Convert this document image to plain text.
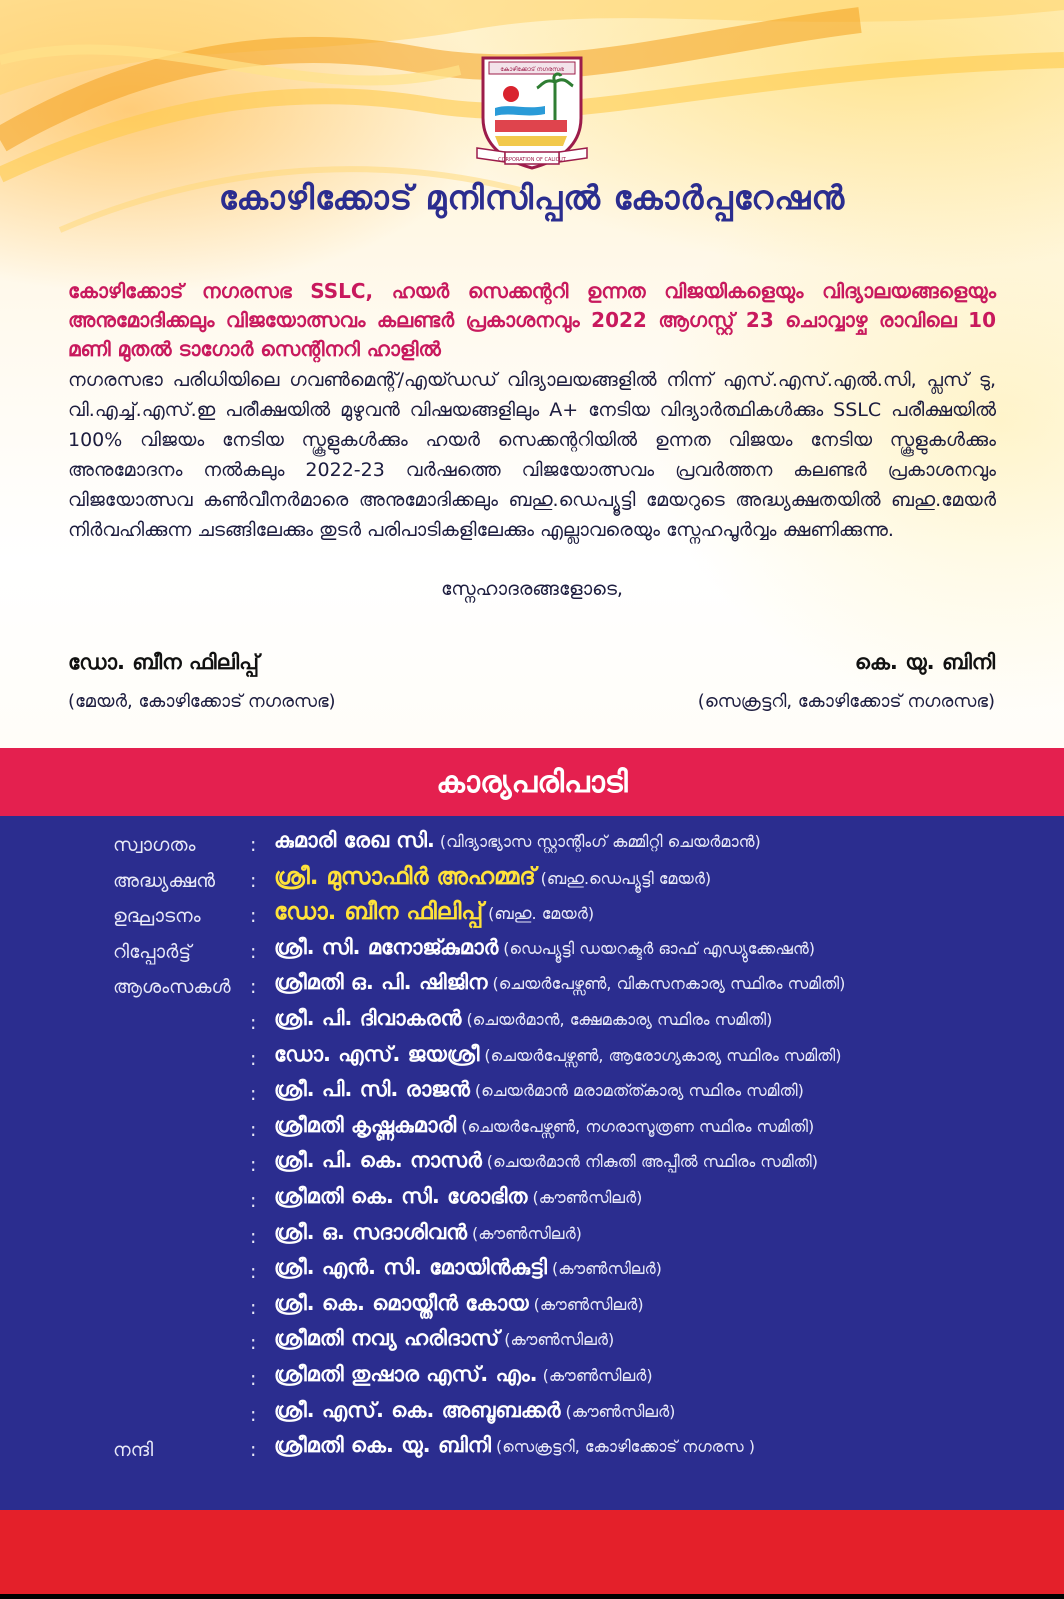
കോഴിക്കോട് നഗരസഭ
CORPORATION OF CALICUT
കോഴിക്കോട് മുനിസിപ്പൽ കോർപ്പറേഷൻ
കോഴിക്കോട് നഗരസഭ SSLC, ഹയർ സെക്കന്ററി ഉന്നത വിജയികളെയും വിദ്യാലയങ്ങളെയും അനുമോദിക്കലും വിജയോത്സവം കലണ്ടർ പ്രകാശനവും 2022 ആഗസ്റ്റ് 23 ചൊവ്വാഴ്ച രാവിലെ 10 മണി മുതൽ ടാഗോർ സെന്റിനറി ഹാളിൽ
നഗരസഭാ പരിധിയിലെ ഗവൺമെന്റ്/എയ്ഡഡ് വിദ്യാലയങ്ങളിൽ നിന്ന് എസ്.എസ്.എൽ.സി, പ്ലസ് ടു, വി.എച്ച്.എസ്.ഇ പരീക്ഷയിൽ മുഴുവൻ വിഷയങ്ങളിലും A+ നേടിയ വിദ്യാർത്ഥികൾക്കും SSLC പരീക്ഷയിൽ 100% വിജയം നേടിയ സ്കൂളുകൾക്കും ഹയർ സെക്കന്ററിയിൽ ഉന്നത വിജയം നേടിയ സ്കൂളുകൾക്കും അനുമോദനം നൽകലും 2022-23 വർഷത്തെ വിജയോത്സവം പ്രവർത്തന കലണ്ടർ പ്രകാശനവും വിജയോത്സവ കൺവീനർമാരെ അനുമോദിക്കലും ബഹു.ഡെപ്യൂട്ടി മേയറുടെ അദ്ധ്യക്ഷതയിൽ ബഹു.മേയർ നിർവഹിക്കുന്ന ചടങ്ങിലേക്കും തുടർ പരിപാടികളിലേക്കും എല്ലാവരെയും സ്നേഹപൂർവ്വം ക്ഷണിക്കുന്നു.
സ്നേഹാദരങ്ങളോടെ,
ഡോ. ബീന ഫിലിപ്പ്
(മേയർ, കോഴിക്കോട് നഗരസഭ)
കെ. യു. ബിനി
(സെക്രട്ടറി, കോഴിക്കോട് നഗരസഭ)
കാര്യപരിപാടി
സ്വാഗതം	: കുമാരി രേഖ സി. (വിദ്യാഭ്യാസ സ്റ്റാന്റിംഗ് കമ്മിറ്റി ചെയർമാൻ)
അദ്ധ്യക്ഷൻ : ശ്രീ. മുസാഫിർ അഹമ്മദ് (ബഹു.ഡെപ്യൂട്ടി മേയർ)
ഉദ്ഘാടനം	: ഡോ. ബീന ഫിലിപ്പ് (ബഹു. മേയർ)
റിപ്പോർട്ട്	: ശ്രീ. സി. മനോജ്കുമാർ (ഡെപ്യൂട്ടി ഡയറക്ടർ ഓഫ് എഡ്യുക്കേഷൻ)
ആശംസകൾ : ശ്രീമതി ഒ. പി. ഷിജിന (ചെയർപേഴ്സൺ, വികസനകാര്യ സ്ഥിരം സമിതി)
: ശ്രീ. പി. ദിവാകരൻ (ചെയർമാൻ, ക്ഷേമകാര്യ സ്ഥിരം സമിതി)
: ഡോ. എസ്. ജയശ്രീ (ചെയർപേഴ്സൺ, ആരോഗ്യകാര്യ സ്ഥിരം സമിതി)
: ശ്രീ. പി. സി. രാജൻ (ചെയർമാൻ മരാമത്ത്കാര്യ സ്ഥിരം സമിതി)
: ശ്രീമതി കൃഷ്ണകുമാരി (ചെയർപേഴ്സൺ, നഗരാസൂത്രണ സ്ഥിരം സമിതി)
: ശ്രീ. പി. കെ. നാസർ (ചെയർമാൻ നികുതി അപ്പീൽ സ്ഥിരം സമിതി)
: ശ്രീമതി കെ. സി. ശോഭിത (കൗൺസിലർ)
: ശ്രീ. ഒ. സദാശിവൻ (കൗൺസിലർ)
: ശ്രീ. എൻ. സി. മോയിൻകുട്ടി (കൗൺസിലർ)
: ശ്രീ. കെ. മൊയ്തീൻ കോയ (കൗൺസിലർ)
: ശ്രീമതി നവ്യ ഹരിദാസ് (കൗൺസിലർ)
: ശ്രീമതി തുഷാര എസ്. എം. (കൗൺസിലർ)
: ശ്രീ. എസ്. കെ. അബൂബക്കർ (കൗൺസിലർ)
നന്ദി	: ശ്രീമതി കെ. യു. ബിനി (സെക്രട്ടറി, കോഴിക്കോട് നഗരസ )
